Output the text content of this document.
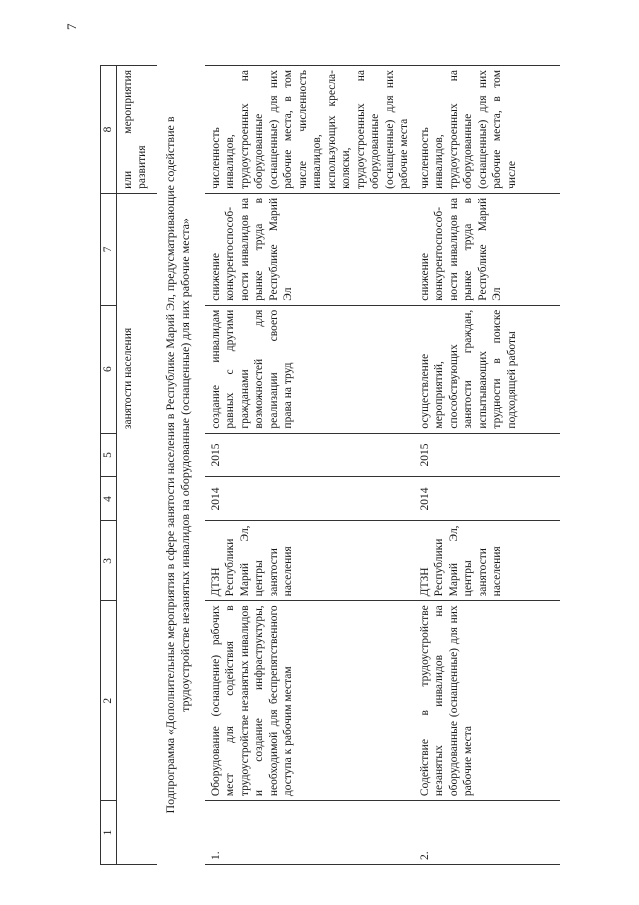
7
1	2	3	4	5	6	7	8
					занятости населения		или мероприятия развития
Подпрограмма «Дополнительные мероприятия в сфере занятости населения в Республике Марий Эл, предусматривающие содействие в трудоустройстве незанятых инвалидов на оборудованные (оснащенные) для них рабочие места»							
1.	Оборудование (оснащение) рабочих мест для содействия в трудоустройстве незанятых инвалидов и создание инфраструктуры, необходимой для беспрепятственного доступа к рабочим местам	ДТЗН Республики Марий Эл, центры занятости населения	2014	2015	создание инвалидам равных с другими гражданами возможностей для реализации своего права на труд	снижение конкурентоспособ-ности инвалидов на рынке труда в Республике Марий Эл	численность инвалидов, трудоустроенных на оборудованные (оснащенные) для них рабочие места, в том числе численность инвалидов, использующих кресла-коляски, трудоустроенных на оборудованные (оснащенные) для них рабочие места
2.	Содействие в трудоустройстве незанятых инвалидов на оборудованные (оснащенные) для них рабочие места	ДТЗН Республики Марий Эл, центры занятости населения	2014	2015	осуществление мероприятий, способствующих занятости граждан, испытывающих трудности в поиске подходящей работы	снижение конкурентоспособ-ности инвалидов на рынке труда в Республике Марий Эл	численность инвалидов, трудоустроенных на оборудованные (оснащенные) для них рабочие места, в том числе
